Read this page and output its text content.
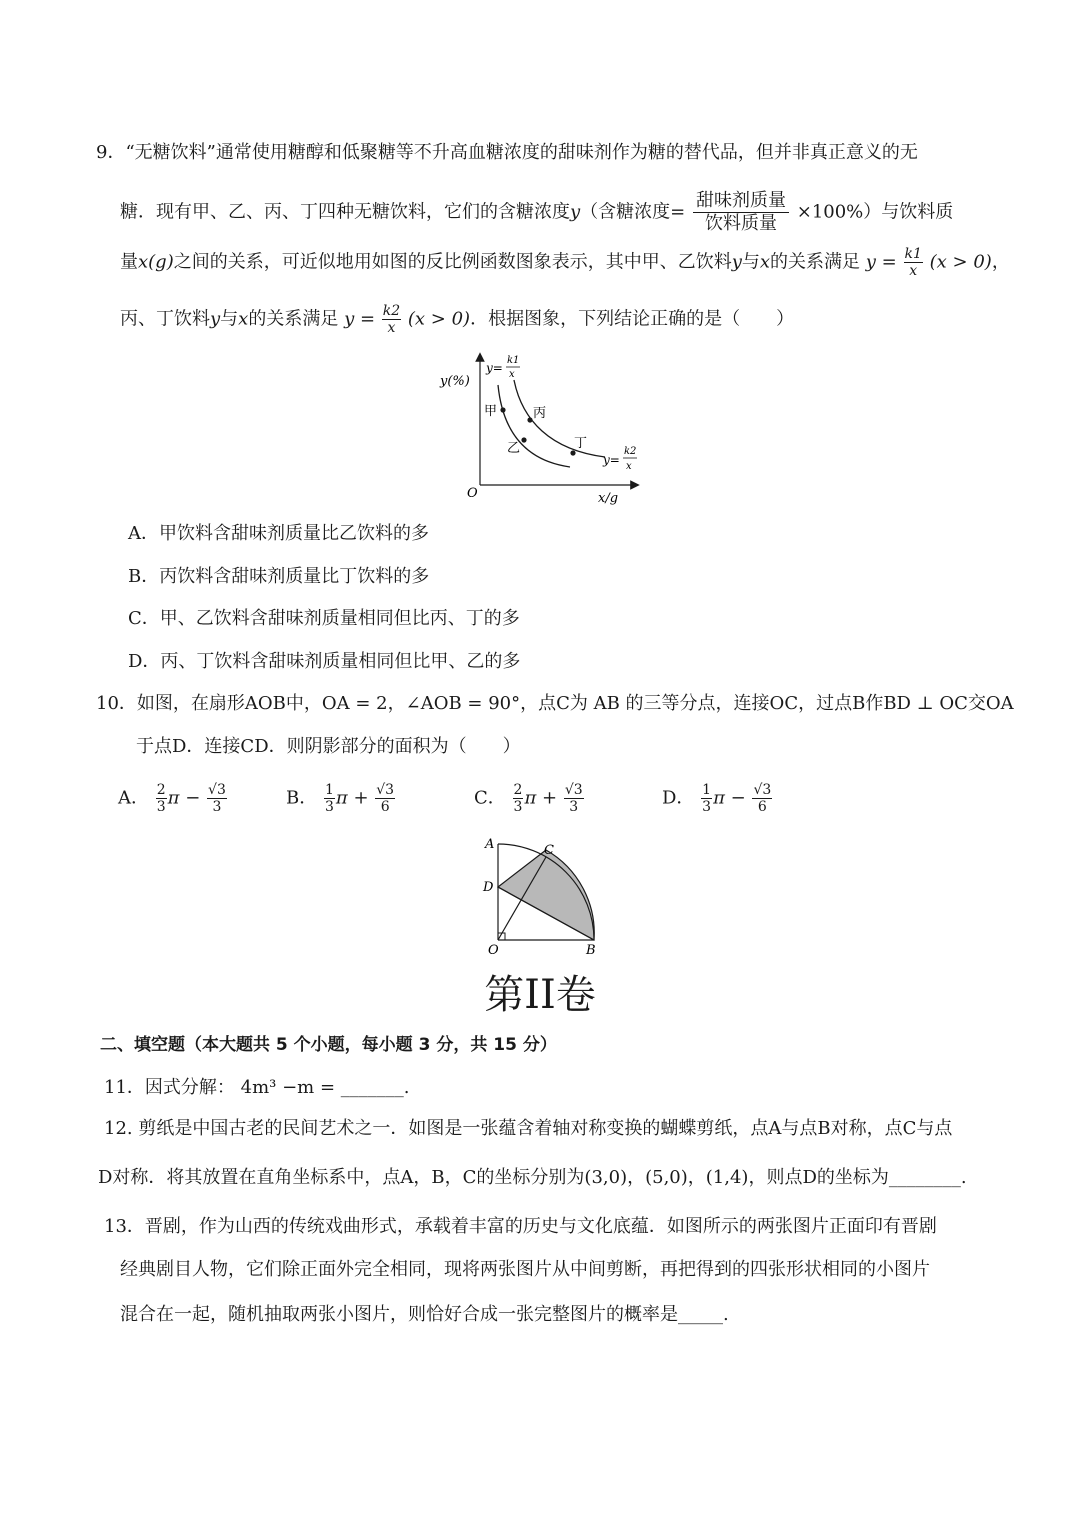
9．“无糖饮料”通常使用糖醇和低聚糖等不升高血糖浓度的甜味剂作为糖的替代品，但并非真正意义的无
糖．现有甲、乙、丙、丁四种无糖饮料，它们的含糖浓度y（含糖浓度= $\frac{\text{甜味剂质量}}{\text{饮料质量}} \times 100\%$）与饮料质
量x(g)之间的关系，可近似地用如图的反比例函数图象表示，其中甲、乙饮料y与x的关系满足 $y = \frac{k1}{x} (x > 0)$，
丙、丁饮料y与x的关系满足 $y = \frac{k2}{x} (x > 0)$．根据图象，下列结论正确的是（　　）
y(%)
x/g
O
甲
乙
丙
丁
y=
k1
x
y=
k2
x
A．甲饮料含甜味剂质量比乙饮料的多
B．丙饮料含甜味剂质量比丁饮料的多
C．甲、乙饮料含甜味剂质量相同但比丙、丁的多
D．丙、丁饮料含甜味剂质量相同但比甲、乙的多
10．如图，在扇形AOB中，OA = 2，∠AOB = 90°，点C为 AB 的三等分点，连接OC，过点B作BD ⊥ OC交OA
于点D．连接CD．则阴影部分的面积为（　　）
A． $\frac{2}{3}$ $\pi - \frac{√3}{3}$	B． $\frac{1}{3}$ $\pi + \frac{√3}{6}$	C． $\frac{2}{3}$ $\pi + \frac{√3}{3}$	D． $\frac{1}{3}$ $\pi - \frac{√3}{6}$
A	C
D
O	B
第II卷
二、填空题（本大题共 5 个小题，每小题 3 分，共 15 分）
11．因式分解： 4m³ −m = _______.
12. 剪纸是中国古老的民间艺术之一．如图是一张蕴含着轴对称变换的蝴蝶剪纸，点A与点B对称，点C与点
D对称．将其放置在直角坐标系中，点A，B，C的坐标分别为(3,0)，(5,0)，(1,4)，则点D的坐标为________.
13．晋剧，作为山西的传统戏曲形式，承载着丰富的历史与文化底蕴．如图所示的两张图片正面印有晋剧
经典剧目人物，它们除正面外完全相同，现将两张图片从中间剪断，再把得到的四张形状相同的小图片
混合在一起，随机抽取两张小图片，则恰好合成一张完整图片的概率是_____.
